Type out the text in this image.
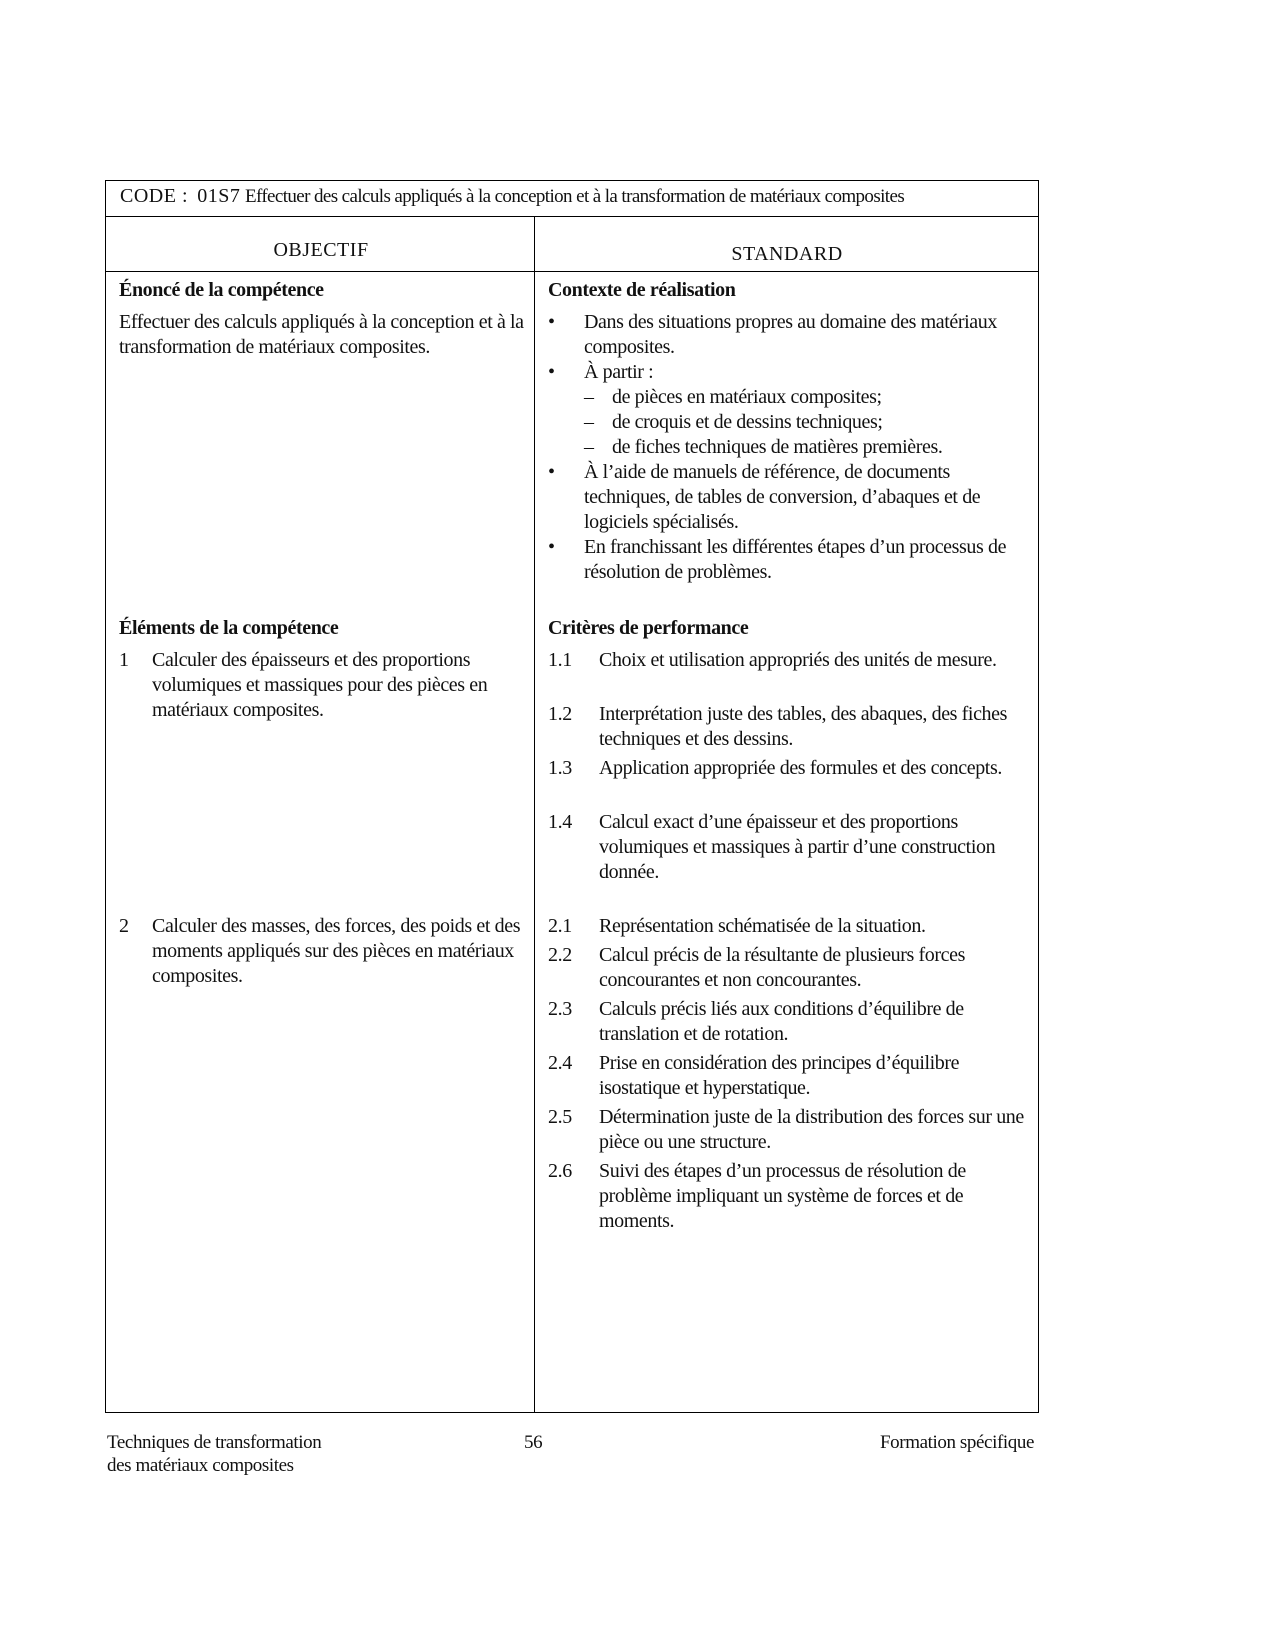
CODE : 01S7 Effectuer des calculs appliqués à la conception et à la transformation de matériaux composites
OBJECTIF	STANDARD
Énoncé de la compétence
Effectuer des calculs appliqués à la conception et à la transformation de matériaux composites.
Contexte de réalisation
• Dans des situations propres au domaine des matériaux composites.
• À partir :
– de pièces en matériaux composites;
– de croquis et de dessins techniques;
– de fiches techniques de matières premières.
• À l’aide de manuels de référence, de documents techniques, de tables de conversion, d’abaques et de logiciels spécialisés.
• En franchissant les différentes étapes d’un processus de résolution de problèmes.
Éléments de la compétence
1 Calculer des épaisseurs et des proportions volumiques et massiques pour des pièces en matériaux composites.
2 Calculer des masses, des forces, des poids et des moments appliqués sur des pièces en matériaux composites.
Critères de performance
1.1 Choix et utilisation appropriés des unités de mesure.
1.2 Interprétation juste des tables, des abaques, des fiches techniques et des dessins.
1.3 Application appropriée des formules et des concepts.
1.4 Calcul exact d’une épaisseur et des proportions volumiques et massiques à partir d’une construction donnée.
2.1 Représentation schématisée de la situation.
2.2 Calcul précis de la résultante de plusieurs forces concourantes et non concourantes.
2.3 Calculs précis liés aux conditions d’équilibre de translation et de rotation.
2.4 Prise en considération des principes d’équilibre isostatique et hyperstatique.
2.5 Détermination juste de la distribution des forces sur une pièce ou une structure.
2.6 Suivi des étapes d’un processus de résolution de problème impliquant un système de forces et de moments.
Techniques de transformation
des matériaux composites
56	Formation spécifique
